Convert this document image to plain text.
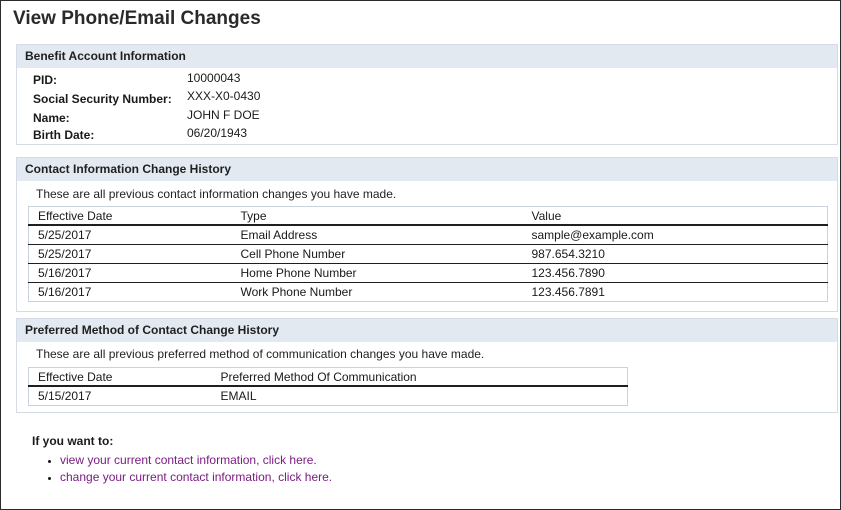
View Phone/Email Changes
Benefit Account Information
PID:	10000043
Social Security Number: XXX-X0-0430
Name:	JOHN F DOE
Birth Date:	06/20/1943
Contact Information Change History
These are all previous contact information changes you have made.
Effective Date	Type	Value
5/25/2017	Email Address	sample@example.com
5/25/2017	Cell Phone Number	987.654.3210
5/16/2017	Home Phone Number	123.456.7890
5/16/2017	Work Phone Number	123.456.7891
Preferred Method of Contact Change History
These are all previous preferred method of communication changes you have made.
Effective Date	Preferred Method Of Communication
5/15/2017	EMAIL
If you want to:
• view your current contact information, click here.
• change your current contact information, click here.
